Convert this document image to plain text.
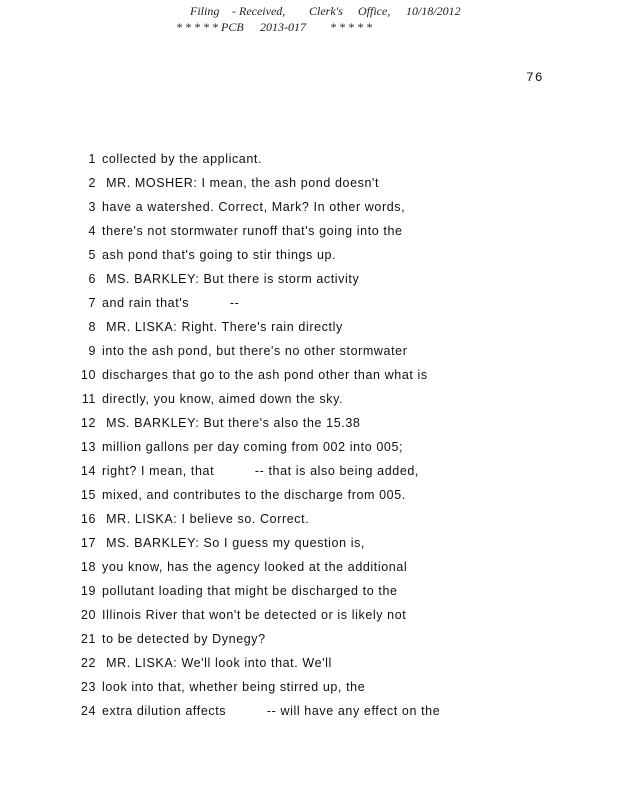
Filing - Received, Clerk's Office, 10/18/2012
* * * * * PCB 2013-017 * * * * *
76
1 collected by the applicant.
2 MR. MOSHER: I mean, the ash pond doesn't
3 have a watershed. Correct, Mark? In other words,
4 there's not stormwater runoff that's going into the
5 ash pond that's going to stir things up.
6 MS. BARKLEY: But there is storm activity
7 and rain that's          --
8 MR. LISKA: Right. There's rain directly
9 into the ash pond, but there's no other stormwater
10 discharges that go to the ash pond other than what is
11 directly, you know, aimed down the sky.
12 MS. BARKLEY: But there's also the 15.38
13 million gallons per day coming from 002 into 005;
14 right? I mean, that          -- that is also being added,
15 mixed, and contributes to the discharge from 005.
16 MR. LISKA: I believe so. Correct.
17 MS. BARKLEY: So I guess my question is,
18 you know, has the agency looked at the additional
19 pollutant loading that might be discharged to the
20 Illinois River that won't be detected or is likely not
21 to be detected by Dynegy?
22 MR. LISKA: We'll look into that. We'll
23 look into that, whether being stirred up, the
24 extra dilution affects          -- will have any effect on the
